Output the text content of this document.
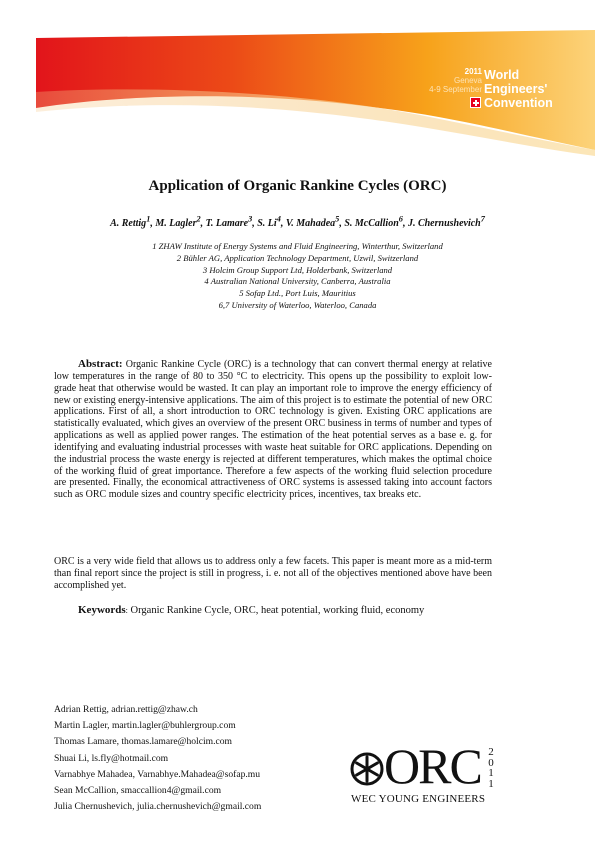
2011
Geneva
4-9 September
World
Engineers'
Convention
Application of Organic Rankine Cycles (ORC)
A. Rettig$^1$, M. Lagler$^2$, T. Lamare$^3$, S. Li$^4$, V. Mahadea$^5$, S. McCallion$^6$, J. Chernushevich$^7$
1 ZHAW Institute of Energy Systems and Fluid Engineering, Winterthur, Switzerland
2 Bühler AG, Application Technology Department, Uzwil, Switzerland
3 Holcim Group Support Ltd, Holderbank, Switzerland
4 Australian National University, Canberra, Australia
5 Sofap Ltd., Port Luis, Mauritius
6,7 University of Waterloo, Waterloo, Canada

Abstract: Organic Rankine Cycle (ORC) is a technology that can convert thermal energy at relative low temperatures in the range of 80 to 350 °C to electricity. This opens up the possibility to exploit low-grade heat that otherwise would be wasted. It can play an important role to improve the energy efficiency of new or existing energy-intensive applications. The aim of this project is to estimate the potential of new ORC applications. First of all, a short introduction to ORC technology is given. Existing ORC applications are statistically evaluated, which gives an overview of the present ORC business in terms of number and types of applications as well as applied power ranges. The estimation of the heat potential serves as a base e. g. for identifying and evaluating industrial processes with waste heat suitable for ORC applications. Depending on the industrial process the waste energy is rejected at different temperatures, which makes the optimal choice of the working fluid of great importance. Therefore a few aspects of the working fluid selection procedure are presented. Finally, the economical attractiveness of ORC systems is assessed taking into account factors such as ORC module sizes and country specific electricity prices, incentives, tax breaks etc.

ORC is a very wide field that allows us to address only a few facets. This paper is meant more as a mid-term than final report since the project is still in progress, i. e. not all of the objectives mentioned above have been accomplished yet.

Keywords: Organic Rankine Cycle, ORC, heat potential, working fluid, economy
Adrian Rettig, adrian.rettig@zhaw.ch
Martin Lagler, martin.lagler@buhlergroup.com
Thomas Lamare, thomas.lamare@holcim.com
Shuai Li, ls.fly@hotmail.com
Varnabhye Mahadea, Varnabhye.Mahadea@sofap.mu
Sean McCallion, smaccallion4@gmail.com
Julia Chernushevich, julia.chernushevich@gmail.com
ORC 2
0
1
1
WEC YOUNG ENGINEERS
